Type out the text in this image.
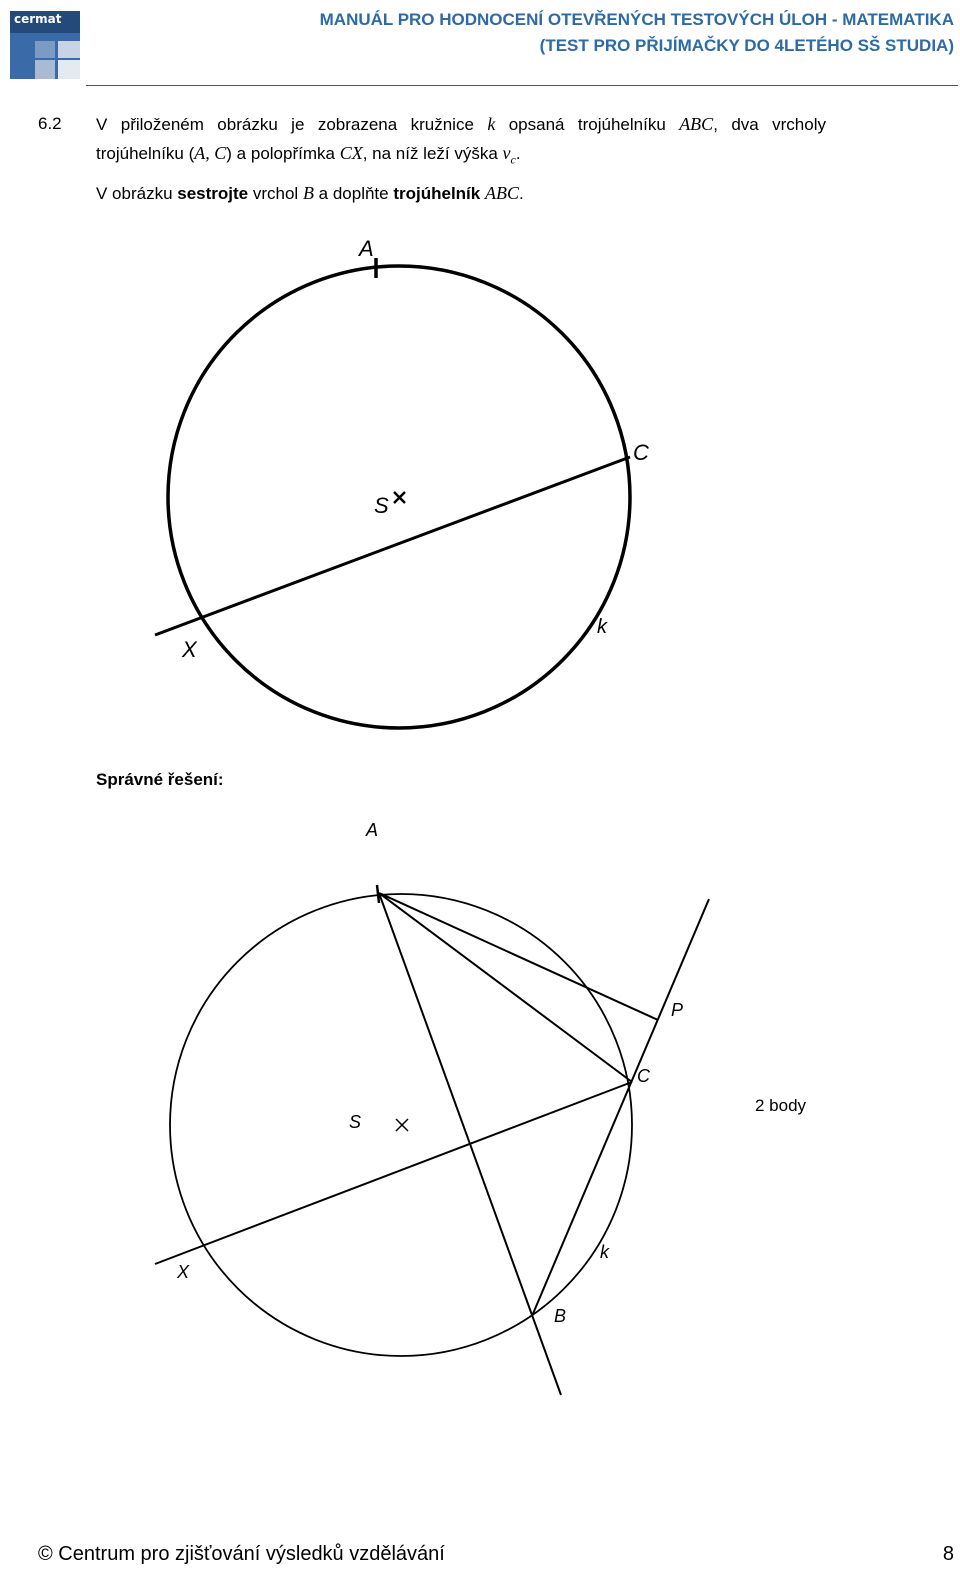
cermat	MANUÁL PRO HODNOCENÍ OTEVŘENÝCH TESTOVÝCH ÚLOH - MATEMATIKA
(TEST PRO PŘIJÍMAČKY DO 4LETÉHO SŠ STUDIA)
6.2 V přiloženém obrázku je zobrazena kružnice k opsaná trojúhelníku ABC, dva vrcholy
trojúhelníku (A, C) a polopřímka CX, na níž leží výška $v_c$.
V obrázku sestrojte vrchol B a doplňte trojúhelník ABC.
A
C
S
X
k
Správné řešení:
A
P
C
S
X
k
B
2 body
© Centrum pro zjišťování výsledků vzdělávání	8
